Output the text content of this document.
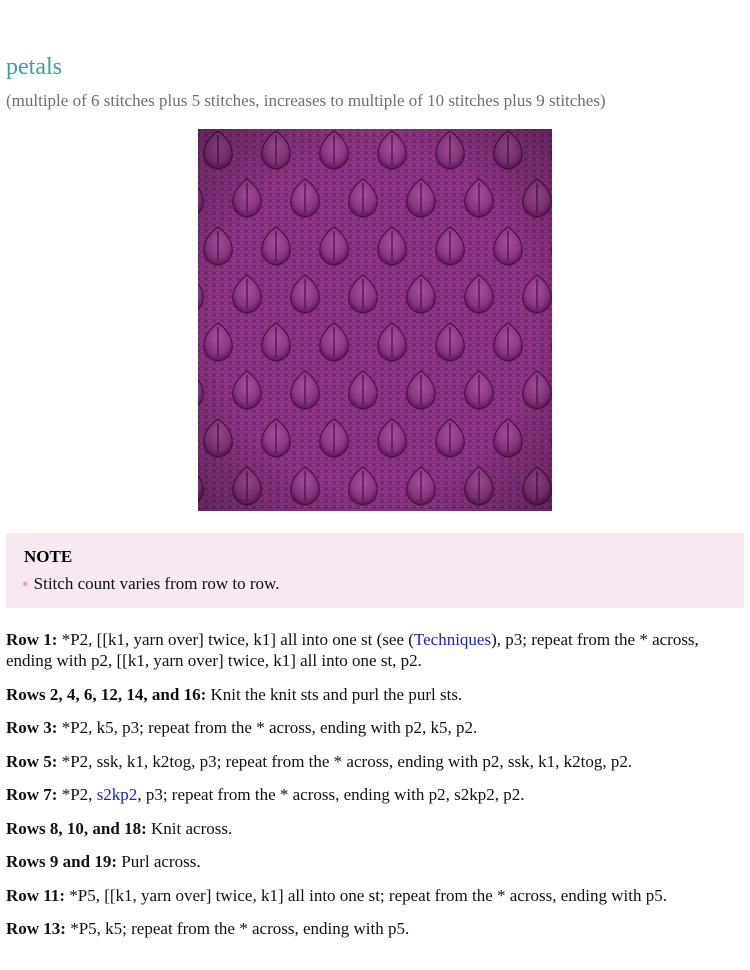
petals
(multiple of 6 stitches plus 5 stitches, increases to multiple of 10 stitches plus 9 stitches)
NOTE
● Stitch count varies from row to row.

Row 1: *P2, [[k1, yarn over] twice, k1] all into one st (see (Techniques), p3; repeat from the * across, ending with p2, [[k1, yarn over] twice, k1] all into one st, p2.

Rows 2, 4, 6, 12, 14, and 16: Knit the knit sts and purl the purl sts.

Row 3: *P2, k5, p3; repeat from the * across, ending with p2, k5, p2.

Row 5: *P2, ssk, k1, k2tog, p3; repeat from the * across, ending with p2, ssk, k1, k2tog, p2.

Row 7: *P2, s2kp2, p3; repeat from the * across, ending with p2, s2kp2, p2.

Rows 8, 10, and 18: Knit across.

Rows 9 and 19: Purl across.

Row 11: *P5, [[k1, yarn over] twice, k1] all into one st; repeat from the * across, ending with p5.

Row 13: *P5, k5; repeat from the * across, ending with p5.
